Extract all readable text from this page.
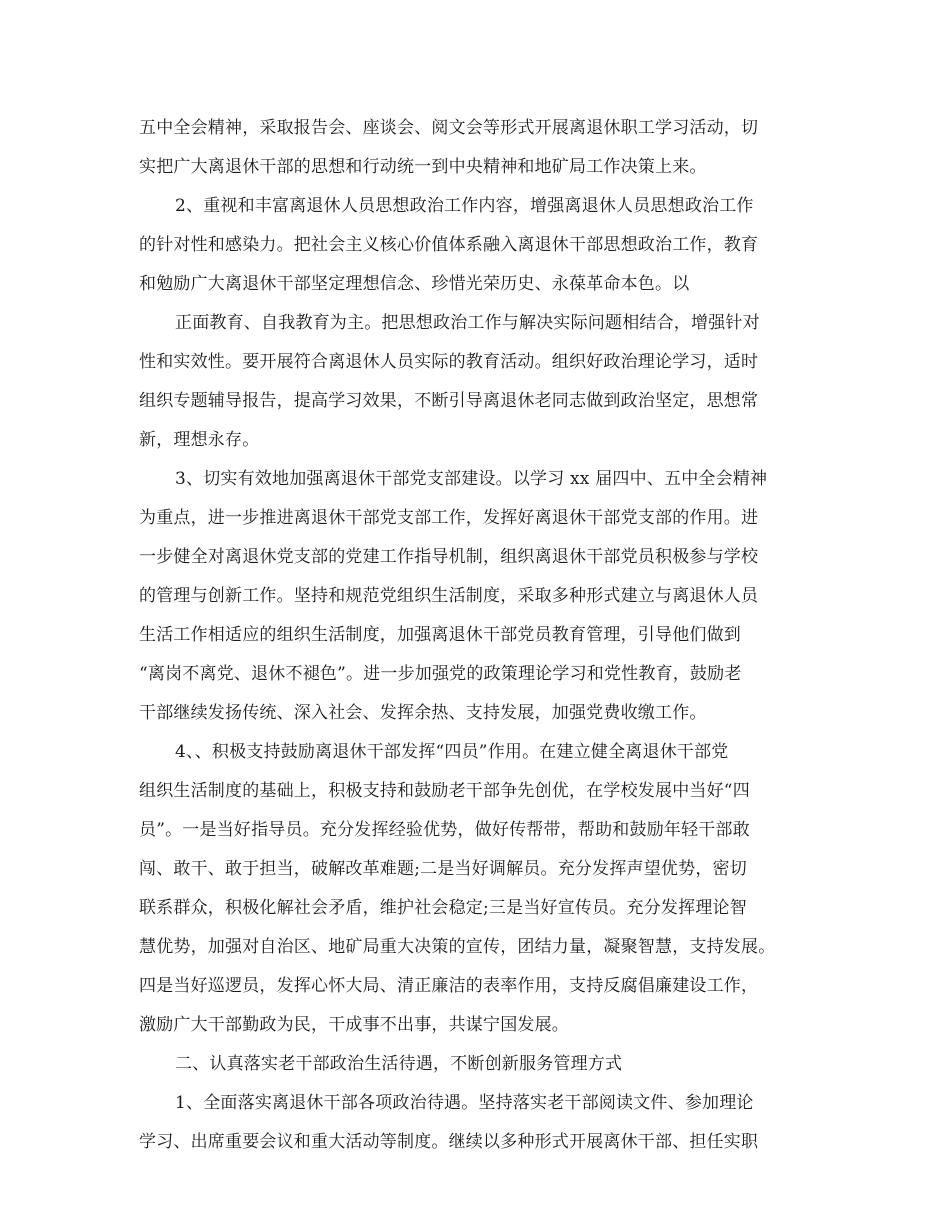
五中全会精神，采取报告会、座谈会、阅文会等形式开展离退休职工学习活动，切
实把广大离退休干部的思想和行动统一到中央精神和地矿局工作决策上来。
2、重视和丰富离退休人员思想政治工作内容，增强离退休人员思想政治工作
的针对性和感染力。把社会主义核心价值体系融入离退休干部思想政治工作，教育
和勉励广大离退休干部坚定理想信念、珍惜光荣历史、永葆革命本色。以
正面教育、自我教育为主。把思想政治工作与解决实际问题相结合，增强针对
性和实效性。要开展符合离退休人员实际的教育活动。组织好政治理论学习，适时
组织专题辅导报告，提高学习效果，不断引导离退休老同志做到政治坚定，思想常
新，理想永存。
3、切实有效地加强离退休干部党支部建设。以学习 xx 届四中、五中全会精神
为重点，进一步推进离退休干部党支部工作，发挥好离退休干部党支部的作用。进
一步健全对离退休党支部的党建工作指导机制，组织离退休干部党员积极参与学校
的管理与创新工作。坚持和规范党组织生活制度，采取多种形式建立与离退休人员
生活工作相适应的组织生活制度，加强离退休干部党员教育管理，引导他们做到
“离岗不离党、退休不褪色”。进一步加强党的政策理论学习和党性教育，鼓励老
干部继续发扬传统、深入社会、发挥余热、支持发展，加强党费收缴工作。
4、、积极支持鼓励离退休干部发挥“四员”作用。在建立健全离退休干部党
组织生活制度的基础上，积极支持和鼓励老干部争先创优，在学校发展中当好“四
员”。一是当好指导员。充分发挥经验优势，做好传帮带，帮助和鼓励年轻干部敢
闯、敢干、敢于担当，破解改革难题;二是当好调解员。充分发挥声望优势，密切
联系群众，积极化解社会矛盾，维护社会稳定;三是当好宣传员。充分发挥理论智
慧优势，加强对自治区、地矿局重大决策的宣传，团结力量，凝聚智慧，支持发展。
四是当好巡逻员，发挥心怀大局、清正廉洁的表率作用，支持反腐倡廉建设工作，
激励广大干部勤政为民，干成事不出事，共谋宁国发展。
二、认真落实老干部政治生活待遇，不断创新服务管理方式
1、全面落实离退休干部各项政治待遇。坚持落实老干部阅读文件、参加理论
学习、出席重要会议和重大活动等制度。继续以多种形式开展离休干部、担任实职
